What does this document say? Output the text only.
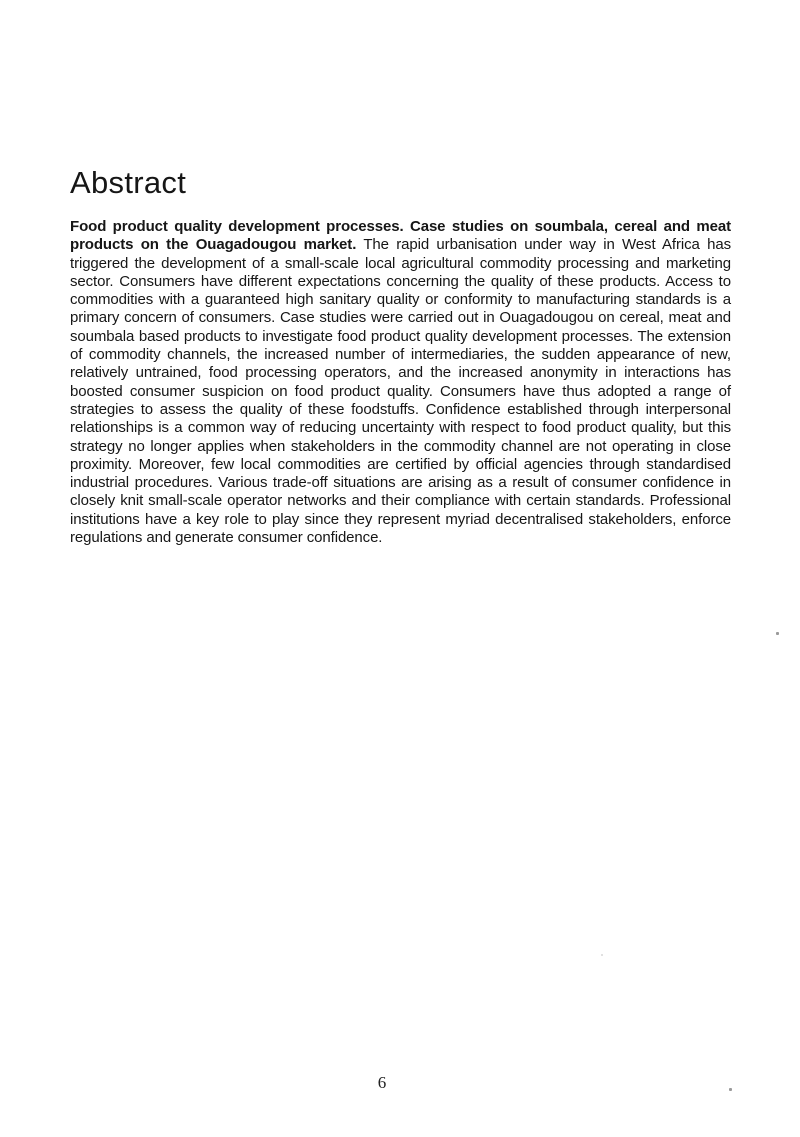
Abstract

Food product quality development processes. Case studies on soumbala, cereal and meat products on the Ouagadougou market. The rapid urbanisation under way in West Africa has triggered the development of a small-scale local agricultural commodity processing and marketing sector. Consumers have different expectations concerning the quality of these products. Access to commodities with a guaranteed high sanitary quality or conformity to manufacturing standards is a primary concern of consumers. Case studies were carried out in Ouagadougou on cereal, meat and soumbala based products to investigate food product quality development processes. The extension of commodity channels, the increased number of intermediaries, the sudden appearance of new, relatively untrained, food processing operators, and the increased anonymity in interactions has boosted consumer suspicion on food product quality. Consumers have thus adopted a range of strategies to assess the quality of these foodstuffs. Confidence established through interpersonal relationships is a common way of reducing uncertainty with respect to food product quality, but this strategy no longer applies when stakeholders in the commodity channel are not operating in close proximity. Moreover, few local commodities are certified by official agencies through standardised industrial procedures. Various trade-off situations are arising as a result of consumer confidence in closely knit small-scale operator networks and their compliance with certain standards. Professional institutions have a key role to play since they represent myriad decentralised stakeholders, enforce regulations and generate consumer confidence.

6
